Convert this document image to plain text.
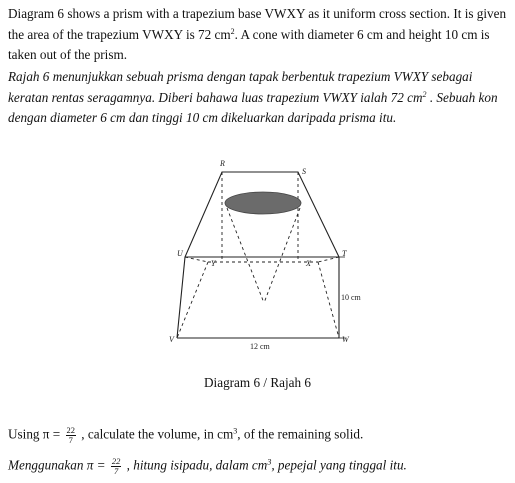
Diagram 6 shows a prism with a trapezium base VWXY as it uniform cross section. It is given the area of the trapezium VWXY is 72 $cm^2$. A cone with diameter 6 cm and height 10 cm is taken out of the prism.
Rajah 6 menunjukkan sebuah prisma dengan tapak berbentuk trapezium VWXY sebagai keratan rentas seragamnya. Diberi bahawa luas trapezium VWXY ialah 72 $cm^2$ . Sebuah kon dengan diameter 6 cm dan tinggi 10 cm dikeluarkan daripada prisma itu.
R
S
U	T
Y	X
V	W
10 cm
12 cm
Diagram 6 / Rajah 6
Using $\pi = \frac{22}{7}$ , calculate the volume, in $cm^3$, of the remaining solid.
Menggunakan $\pi = \frac{22}{7}$ , hitung isipadu, dalam $cm^3$, pepejal yang tinggal itu.
